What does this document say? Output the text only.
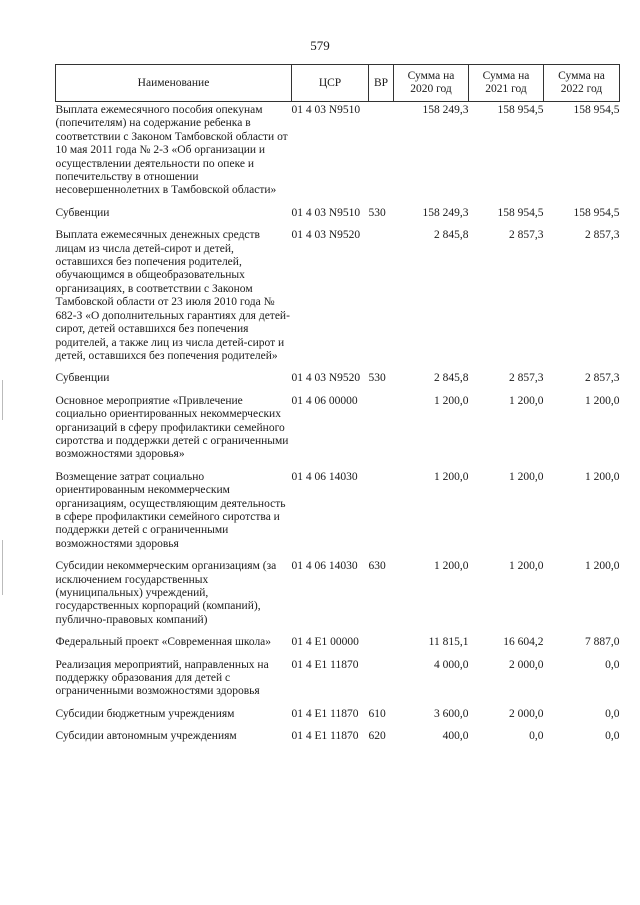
579
Наименование	ЦСР	ВР	Сумма на 2020 год	Сумма на 2021 год	Сумма на 2022 год
Выплата ежемесячного пособия опекунам (попечителям) на содержание ребенка в соответствии с Законом Тамбовской области от 10 мая 2011 года № 2-З «Об организации и осуществлении деятельности по опеке и попечительству в отношении несовершеннолетних в Тамбовской области»	01 4 03 N9510		158 249,3	158 954,5	158 954,5
Субвенции	01 4 03 N9510	530	158 249,3	158 954,5	158 954,5
Выплата ежемесячных денежных средств лицам из числа детей-сирот и детей, оставшихся без попечения родителей, обучающимся в общеобразовательных организациях, в соответствии с Законом Тамбовской области от 23 июля 2010 года № 682-З «О дополнительных гарантиях для детей-сирот, детей оставшихся без попечения родителей, а также лиц из числа детей-сирот и детей, оставшихся без попечения родителей»	01 4 03 N9520		2 845,8	2 857,3	2 857,3
Субвенции	01 4 03 N9520	530	2 845,8	2 857,3	2 857,3
Основное мероприятие «Привлечение социально ориентированных некоммерческих организаций в сферу профилактики семейного сиротства и поддержки детей с ограниченными возможностями здоровья»	01 4 06 00000		1 200,0	1 200,0	1 200,0
Возмещение затрат социально ориентированным некоммерческим организациям, осуществляющим деятельность в сфере профилактики семейного сиротства и поддержки детей с ограниченными возможностями здоровья	01 4 06 14030		1 200,0	1 200,0	1 200,0
Субсидии некоммерческим организациям (за исключением государственных (муниципальных) учреждений, государственных корпораций (компаний), публично-правовых компаний)	01 4 06 14030	630	1 200,0	1 200,0	1 200,0
Федеральный проект «Современная школа»	01 4 E1 00000		11 815,1	16 604,2	7 887,0
Реализация мероприятий, направленных на поддержку образования для детей с ограниченными возможностями здоровья	01 4 E1 11870		4 000,0	2 000,0	0,0
Субсидии бюджетным учреждениям	01 4 E1 11870	610	3 600,0	2 000,0	0,0
Субсидии автономным учреждениям	01 4 E1 11870	620	400,0	0,0	0,0
